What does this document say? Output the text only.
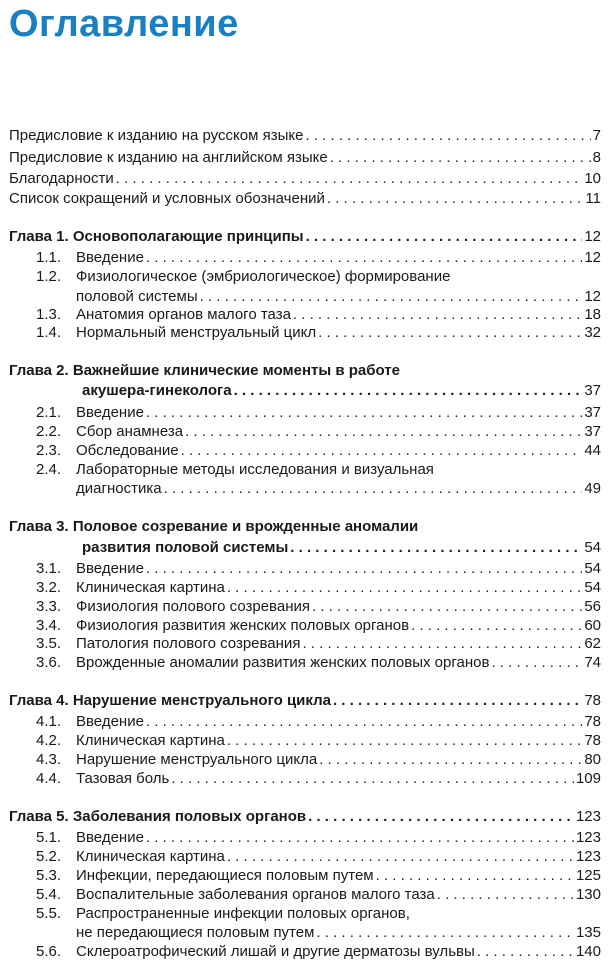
Оглавление
Предисловие к изданию на русском языке . . .	7
Предисловие к изданию на английском языке . . .	8
Благодарности . . .	10
Список сокращений и условных обозначений . . .	11
Глава 1. Основополагающие принципы . . .	12
1.1. Введение . . .	12
1.2. Физиологическое (эмбриологическое) формирование
половой системы . . .	12
1.3. Анатомия органов малого таза . . .	18
1.4. Нормальный менструальный цикл . . .	32
Глава 2. Важнейшие клинические моменты в работе
акушера-гинеколога . . .	37
2.1. Введение . . .	37
2.2. Сбор анамнеза . . .	37
2.3. Обследование . . .	44
2.4. Лабораторные методы исследования и визуальная
диагностика . . .	49
Глава 3. Половое созревание и врожденные аномалии
развития половой системы . . .	54
3.1. Введение . . .	54
3.2. Клиническая картина . . .	54
3.3. Физиология полового созревания . . .	56
3.4. Физиология развития женских половых органов . . .	60
3.5. Патология полового созревания . . .	62
3.6. Врожденные аномалии развития женских половых органов . . .	74
Глава 4. Нарушение менструального цикла . . .	78
4.1. Введение . . .	78
4.2. Клиническая картина . . .	78
4.3. Нарушение менструального цикла . . .	80
4.4. Тазовая боль . . .	109
Глава 5. Заболевания половых органов . . .	123
5.1. Введение . . .	123
5.2. Клиническая картина . . .	123
5.3. Инфекции, передающиеся половым путем . . .	125
5.4. Воспалительные заболевания органов малого таза . . .	130
5.5. Распространенные инфекции половых органов,
не передающиеся половым путем . . .	135
5.6. Склероатрофический лишай и другие дерматозы вульвы . . .	140
